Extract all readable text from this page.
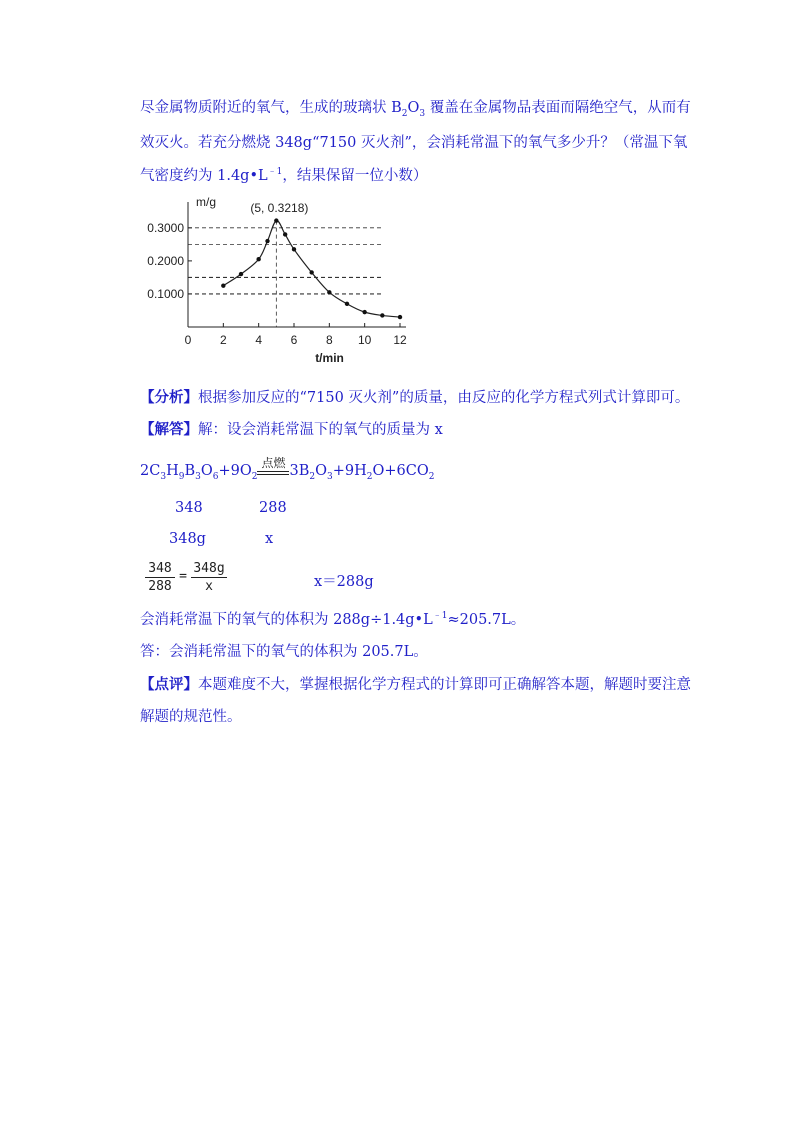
尽金属物质附近的氧气，生成的玻璃状 $B_2O_3$ 覆盖在金属物品表面而隔绝空气，从而有
效灭火。若充分燃烧 348g“7150 灭火剂”，会消耗常温下的氧气多少升？（常温下氧
气密度约为 $1.4g•L^{﹣1}$，结果保留一位小数）
0 2 4 6 8 10 12
0.1000
0.2000
0.3000
m/g
t/min
(5, 0.3218)
【分析】根据参加反应的“7150 灭火剂”的质量，由反应的化学方程式列式计算即可。
【解答】解：设会消耗常温下的氧气的质量为 x
$2C_3H_9B_3O_6+9O_2$
点燃 $3B_2O_3+9H_2O+6CO_2$
348	288
348g	x
348
288
=
348g
x	x＝288g
会消耗常温下的氧气的体积为 $288g\div 1.4g•L^{﹣1}\approx 205.7L$。
答：会消耗常温下的氧气的体积为 205.7L。
【点评】本题难度不大，掌握根据化学方程式的计算即可正确解答本题，解题时要注意
解题的规范性。
